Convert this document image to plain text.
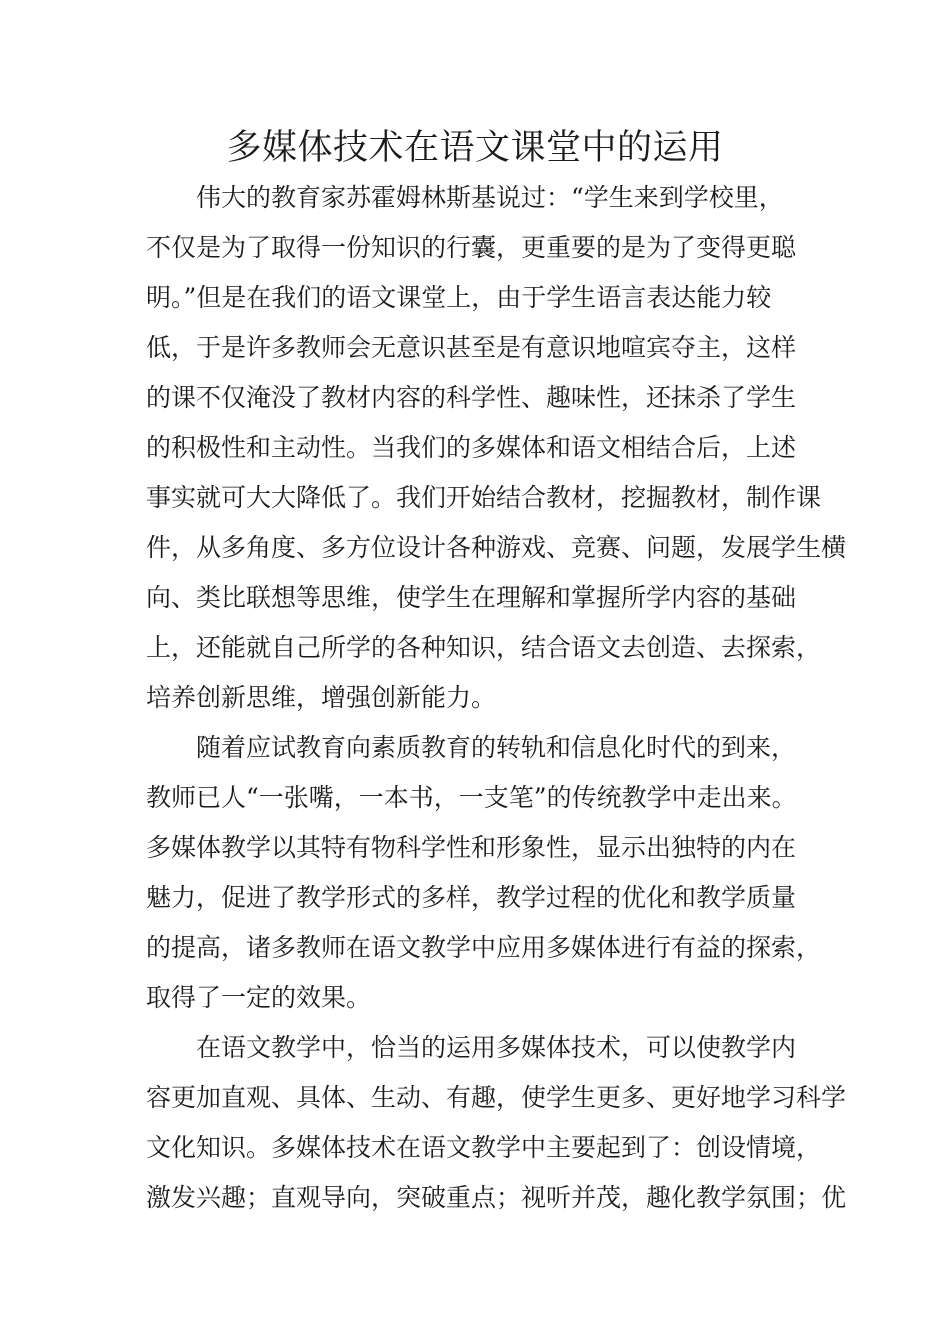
多媒体技术在语文课堂中的运用

伟大的教育家苏霍姆林斯基说过：“学生来到学校里，

不仅是为了取得一份知识的行囊，更重要的是为了变得更聪

明。”但是在我们的语文课堂上，由于学生语言表达能力较

低，于是许多教师会无意识甚至是有意识地喧宾夺主，这样

的课不仅淹没了教材内容的科学性、趣味性，还抹杀了学生

的积极性和主动性。当我们的多媒体和语文相结合后，上述

事实就可大大降低了。我们开始结合教材，挖掘教材，制作课

件，从多角度、多方位设计各种游戏、竞赛、问题，发展学生横

向、类比联想等思维，使学生在理解和掌握所学内容的基础

上，还能就自己所学的各种知识，结合语文去创造、去探索，

培养创新思维，增强创新能力。

随着应试教育向素质教育的转轨和信息化时代的到来，

教师已人“一张嘴，一本书，一支笔”的传统教学中走出来。

多媒体教学以其特有物科学性和形象性，显示出独特的内在

魅力，促进了教学形式的多样，教学过程的优化和教学质量

的提高，诸多教师在语文教学中应用多媒体进行有益的探索，

取得了一定的效果。

在语文教学中，恰当的运用多媒体技术，可以使教学内

容更加直观、具体、生动、有趣，使学生更多、更好地学习科学

文化知识。多媒体技术在语文教学中主要起到了：创设情境，

激发兴趣；直观导向，突破重点；视听并茂，趣化教学氛围；优
